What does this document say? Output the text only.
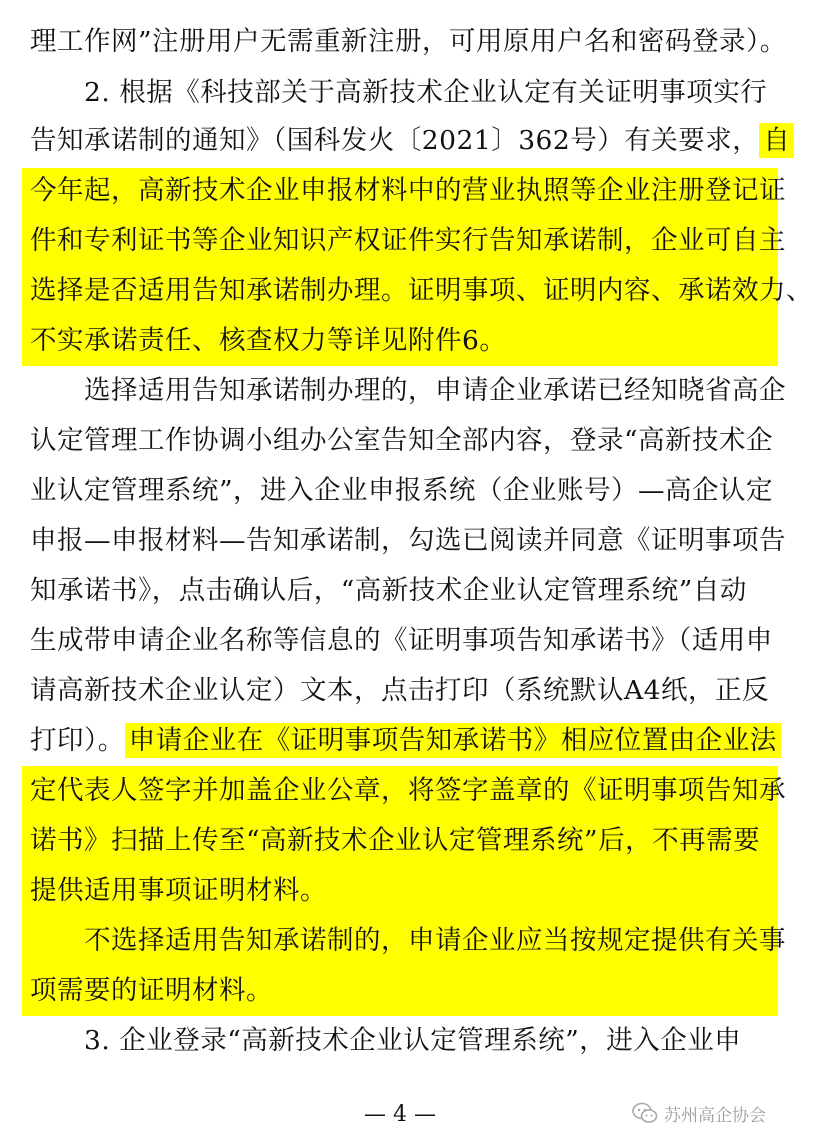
理工作网”注册用户无需重新注册，可用原用户名和密码登录）。
2. 根据《科技部关于高新技术企业认定有关证明事项实行
告知承诺制的通知》（国科发火〔2021〕362号）有关要求， 自
今年起，高新技术企业申报材料中的营业执照等企业注册登记证
件和专利证书等企业知识产权证件实行告知承诺制，企业可自主
选择是否适用告知承诺制办理。证明事项、证明内容、承诺效力、
不实承诺责任、核查权力等详见附件6。
选择适用告知承诺制办理的，申请企业承诺已经知晓省高企
认定管理工作协调小组办公室告知全部内容，登录“高新技术企
业认定管理系统”，进入企业申报系统（企业账号）—高企认定
申报—申报材料—告知承诺制，勾选已阅读并同意《证明事项告
知承诺书》，点击确认后，“高新技术企业认定管理系统”自动
生成带申请企业名称等信息的《证明事项告知承诺书》（适用申
请高新技术企业认定）文本，点击打印（系统默认A4纸，正反
打印）。 申请企业在《证明事项告知承诺书》相应位置由企业法
定代表人签字并加盖企业公章，将签字盖章的《证明事项告知承
诺书》扫描上传至“高新技术企业认定管理系统”后，不再需要
提供适用事项证明材料。
不选择适用告知承诺制的，申请企业应当按规定提供有关事
项需要的证明材料。
3. 企业登录“高新技术企业认定管理系统”，进入企业申
— 4 —	苏州高企协会
